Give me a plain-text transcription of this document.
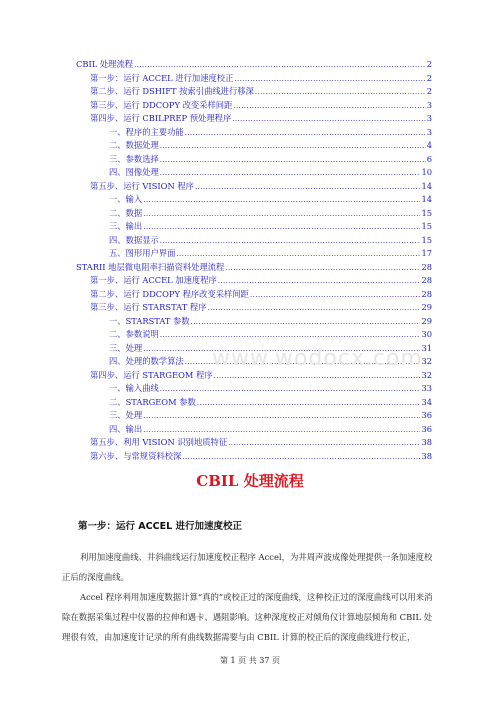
CBIL 处理流程 .....	2
第一步：运行 ACCEL 进行加速度校正 .....	2
第二步、运行 DSHIFT 按索引曲线进行移深 .....	2
第三步、运行 DDCOPY 改变采样间距 .....	3
第四步、运行 CBILPREP 预处理程序 .....	3
一、程序的主要功能 .....	3
二、数据处理 .....	4
三、参数选择 .....	6
四、图像处理 .....	10
第五步、运行 VISION 程序 .....	14
一、输入 .....	14
二、数据 .....	15
三、输出 .....	15
四、数据显示 .....	15
五、图形用户界面 .....	17
STARII 地层微电阻率扫描资料处理流程 .....	28
第一步、运行 ACCEL 加速度程序 .....	28
第二步、运行 DDCOPY 程序改变采样间距 .....	28
第三步、运行 STARSTAT 程序 .....	29
一、STARSTAT 参数 .....	29
二、参数说明 .....	30
三、处理 .....	31
四、处理的数学算法 .....	32
第四步、运行 STARGEOM 程序 .....	32
一、输入曲线 .....	33
二、STARGEOM 参数 .....	34
三、处理 .....	36
四、输出 .....	36
第五步、利用 VISION 识别地质特征 .....	38
第六步、与常规资料校深 .....	38
www.wodocx.com
CBIL 处理流程
第一步：运行 ACCEL 进行加速度校正
利用加速度曲线、井斜曲线运行加速度校正程序 Accel，为井周声波成像处理提供一条加速度校正后的深度曲线。
Accel 程序利用加速度数据计算“真的”或校正过的深度曲线，这种校正过的深度曲线可以用来消除在数据采集过程中仪器的拉伸和遇卡、遇阻影响。这种深度校正对倾角仪计算地层倾角和 CBIL 处理很有效，由加速度计记录的所有曲线数据需要与由 CBIL 计算的校正后的深度曲线进行校正，
第 1 页 共 37 页
